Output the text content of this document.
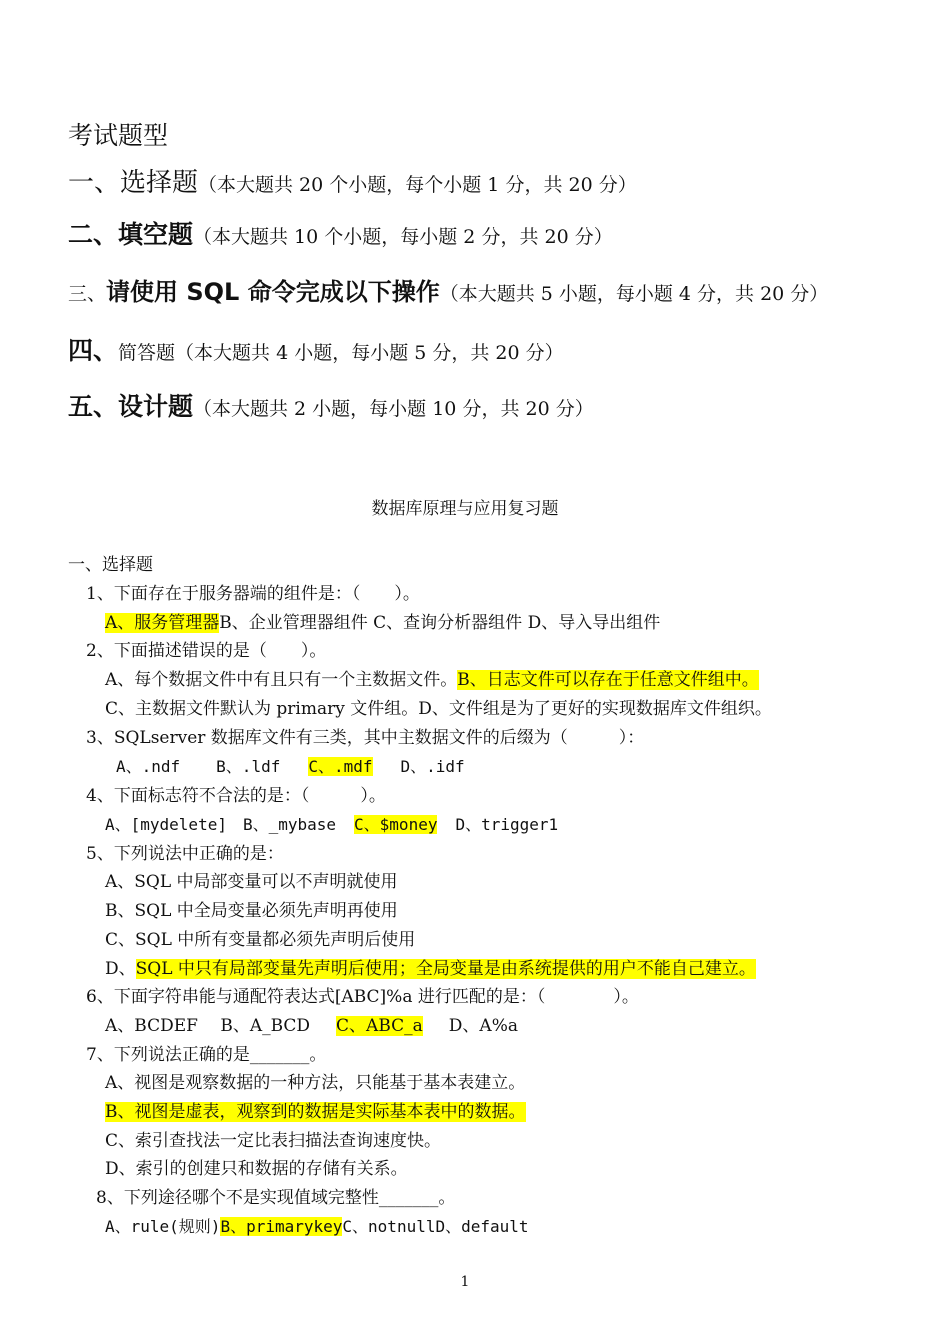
考试题型
一、选择题（本大题共 20 个小题，每个小题 1 分，共 20 分）
二、填空题（本大题共 10 个小题，每小题 2 分，共 20 分）
三、请使用 SQL 命令完成以下操作（本大题共 5 小题，每小题 4 分，共 20 分）
四、简答题（本大题共 4 小题，每小题 5 分，共 20 分）
五、设计题（本大题共 2 小题，每小题 10 分，共 20 分）
数据库原理与应用复习题
一、选择题
1、下面存在于服务器端的组件是：（　　）。
A、服务管理器B、企业管理器组件 C、查询分析器组件 D、导入导出组件
2、下面描述错误的是（　　）。
A、每个数据文件中有且只有一个主数据文件。B、日志文件可以存在于任意文件组中。
C、主数据文件默认为 primary 文件组。D、文件组是为了更好的实现数据库文件组织。
3、SQLserver 数据库文件有三类，其中主数据文件的后缀为（　　　）：
A、.ndf B、.ldf C、.mdf D、.idf
4、下面标志符不合法的是：（　　　）。
A、[mydelete]　B、_mybase C、$money D、trigger1
5、下列说法中正确的是：
A、SQL 中局部变量可以不声明就使用
B、SQL 中全局变量必须先声明再使用
C、SQL 中所有变量都必须先声明后使用
D、SQL 中只有局部变量先声明后使用；全局变量是由系统提供的用户不能自己建立。
6、下面字符串能与通配符表达式[ABC]%a 进行匹配的是：（　　　　）。
A、BCDEF　 B、A_BCD C、ABC_a D、A%a
7、下列说法正确的是_______。
A、视图是观察数据的一种方法，只能基于基本表建立。
B、视图是虚表，观察到的数据是实际基本表中的数据。
C、索引查找法一定比表扫描法查询速度快。
D、索引的创建只和数据的存储有关系。
8、下列途径哪个不是实现值域完整性_______。
A、rule(规则)B、primarykeyC、notnullD、default
1
